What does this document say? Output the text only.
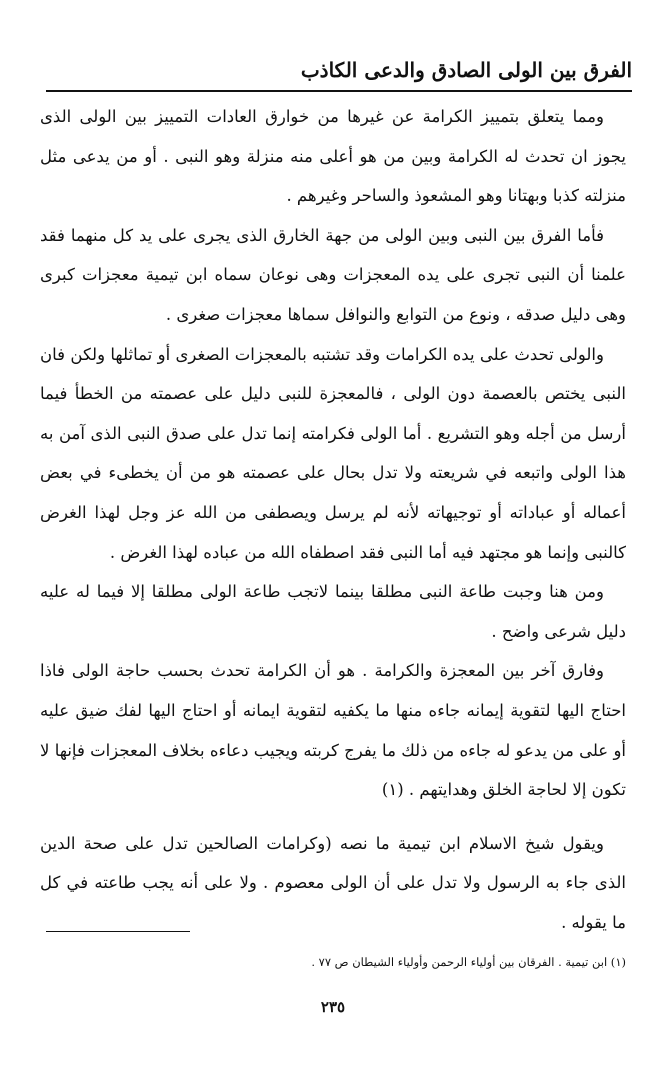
الفرق بين الولى الصادق والدعى الكاذب

ومما يتعلق بتمييز الكرامة عن غيرها من خوارق العادات التمييز بين الولى الذى يجوز ان تحدث له الكرامة وبين من هو أعلى منه منزلة وهو النبى . أو من يدعى مثل منزلته كذبا وبهتانا وهو المشعوذ والساحر وغيرهم .

فأما الفرق بين النبى وبين الولى من جهة الخارق الذى يجرى على يد كل منهما فقد علمنا أن النبى تجرى على يده المعجزات وهى نوعان سماه ابن تيمية معجزات كبرى وهى دليل صدقه ، ونوع من التوابع والنوافل سماها معجزات صغرى .

والولى تحدث على يده الكرامات وقد تشتبه بالمعجزات الصغرى أو تماثلها ولكن فان النبى يختص بالعصمة دون الولى ، فالمعجزة للنبى دليل على عصمته من الخطأ فيما أرسل من أجله وهو التشريع . أما الولى فكرامته إنما تدل على صدق النبى الذى آمن به هذا الولى واتبعه في شريعته ولا تدل بحال على عصمته هو من أن يخطىء في بعض أعماله أو عباداته أو توجيهاته لأنه لم يرسل ويصطفى من الله عز وجل لهذا الغرض كالنبى وإنما هو مجتهد فيه أما النبى فقد اصطفاه الله من عباده لهذا الغرض .

ومن هنا وجبت طاعة النبى مطلقا بينما لاتجب طاعة الولى مطلقا إلا فيما له عليه دليل شرعى واضح .

وفارق آخر بين المعجزة والكرامة . هو أن الكرامة تحدث بحسب حاجة الولى فاذا احتاج اليها لتقوية إيمانه جاءه منها ما يكفيه لتقوية ايمانه أو احتاج اليها لفك ضيق عليه أو على من يدعو له جاءه من ذلك ما يفرج كربته ويجيب دعاءه بخلاف المعجزات فإنها لا تكون إلا لحاجة الخلق وهدايتهم . (١)

ويقول شيخ الاسلام ابن تيمية ما نصه (وكرامات الصالحين تدل على صحة الدين الذى جاء به الرسول ولا تدل على أن الولى معصوم . ولا على أنه يجب طاعته في كل ما يقوله .

(١) ابن تيمية . الفرقان بين أولياء الرحمن وأولياء الشيطان ص ٧٧ .
٢٣٥
